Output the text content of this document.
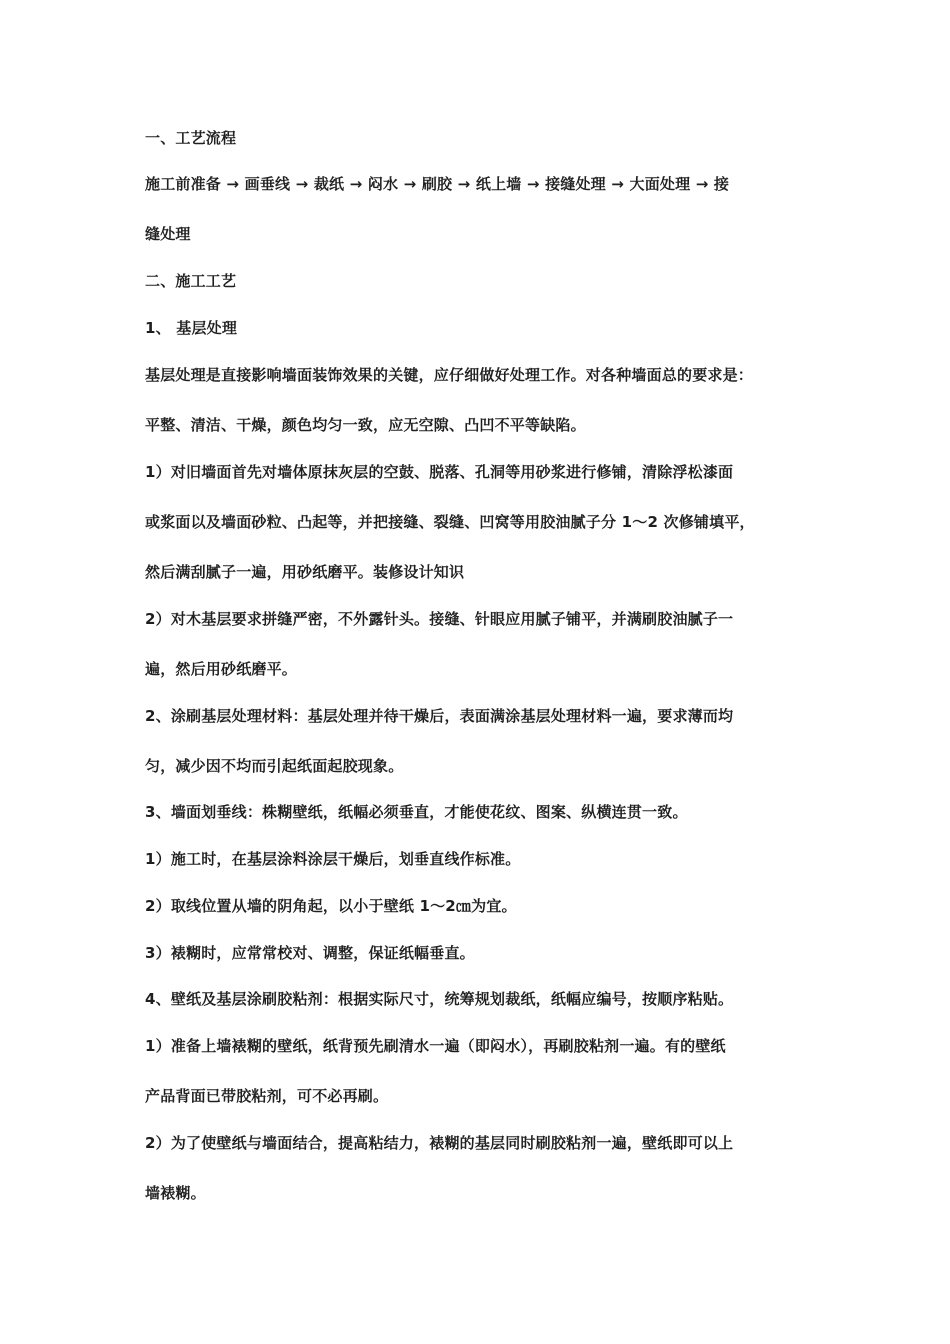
一、工艺流程

施工前准备 → 画垂线 → 裁纸 → 闷水 → 刷胶 → 纸上墙 → 接缝处理 → 大面处理 → 接

缝处理

二、施工工艺

1、 基层处理

基层处理是直接影响墙面装饰效果的关键，应仔细做好处理工作。对各种墙面总的要求是：

平整、清洁、干燥，颜色均匀一致，应无空隙、凸凹不平等缺陷。

1）对旧墙面首先对墙体原抹灰层的空鼓、脱落、孔洞等用砂浆进行修铺，清除浮松漆面

或浆面以及墙面砂粒、凸起等，并把接缝、裂缝、凹窝等用胶油腻子分 1～2 次修铺填平，

然后满刮腻子一遍，用砂纸磨平。装修设计知识

2）对木基层要求拼缝严密，不外露针头。接缝、针眼应用腻子铺平，并满刷胶油腻子一

遍，然后用砂纸磨平。

2、涂刷基层处理材料：基层处理并待干燥后，表面满涂基层处理材料一遍，要求薄而均

匀，减少因不均而引起纸面起胶现象。

3、墙面划垂线：株糊壁纸，纸幅必须垂直，才能使花纹、图案、纵横连贯一致。

1）施工时，在基层涂料涂层干燥后，划垂直线作标准。

2）取线位置从墙的阴角起，以小于壁纸 1～2㎝为宜。

3）裱糊时，应常常校对、调整，保证纸幅垂直。

4、壁纸及基层涂刷胶粘剂：根据实际尺寸，统筹规划裁纸，纸幅应编号，按顺序粘贴。

1）准备上墙裱糊的壁纸，纸背预先刷清水一遍（即闷水），再刷胶粘剂一遍。有的壁纸

产品背面已带胶粘剂，可不必再刷。

2）为了使壁纸与墙面结合，提高粘结力，裱糊的基层同时刷胶粘剂一遍，壁纸即可以上

墙裱糊。
